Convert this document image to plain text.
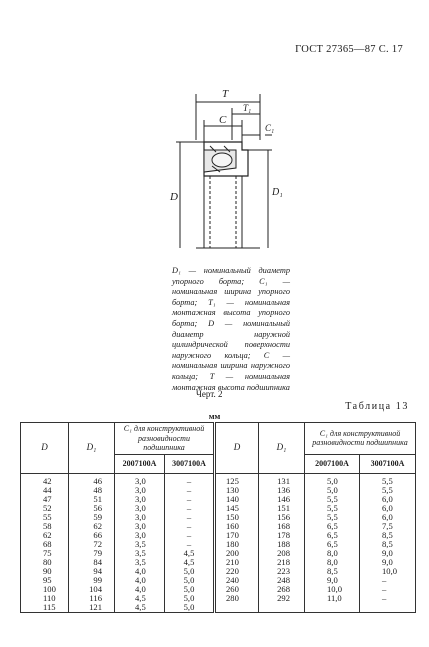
ГОСТ 27365—87 С. 17
T
T₁
C
C₁
D	D₁
D₁ — номинальный диаметр упорного борта; C₁ — номинальная ширина упорного борта; T₁ — номинальная монтажная высота упорного борта; D — номинальный диаметр наружной цилиндрической поверхности наружного кольца; C — номинальная ширина наружного кольца; T — номинальная монтажная высота подшипника
Черт. 2
Таблица 13
мм
D	D₁	C₁ для конструктивной разновидности подшипника		D	D₁	C₁ для конструктивной разновидности подшипника	
		2007100A	3007100A			2007100A	3007100A
42	46	3,0	–	125	131	5,0	5,5
44	48	3,0	–	130	136	5,0	5,5
47	51	3,0	–	140	146	5,5	6,0
52	56	3,0	–	145	151	5,5	6,0
55	59	3,0	–	150	156	5,5	6,0
58	62	3,0	–	160	168	6,5	7,5
62	66	3,0	–	170	178	6,5	8,5
68	72	3,5	–	180	188	6,5	8,5
75	79	3,5	4,5	200	208	8,0	9,0
80	84	3,5	4,5	210	218	8,0	9,0
90	94	4,0	5,0	220	223	8,5	10,0
95	99	4,0	5,0	240	248	9,0	–
100	104	4,0	5,0	260	268	10,0	–
110	116	4,5	5,0	280	292	11,0	–
115	121	4,5	5,0				
